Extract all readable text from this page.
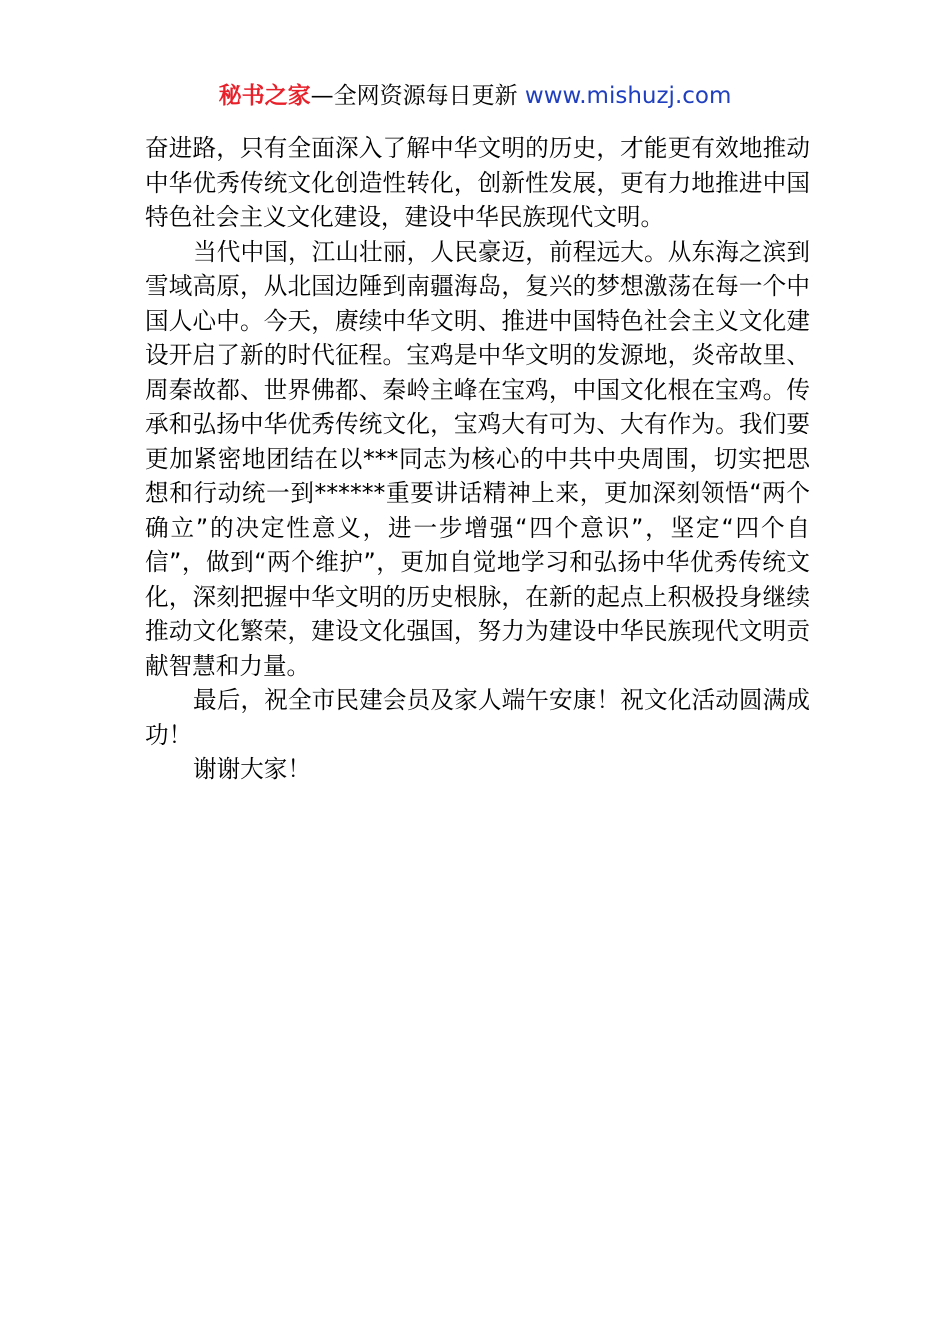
秘书之家—全网资源每日更新 www.mishuzj.com

奋进路，只有全面深入了解中华文明的历史，才能更有效地推动中华优秀传统文化创造性转化，创新性发展，更有力地推进中国特色社会主义文化建设，建设中华民族现代文明。

当代中国，江山壮丽，人民豪迈，前程远大。从东海之滨到雪域高原，从北国边陲到南疆海岛，复兴的梦想激荡在每一个中国人心中。今天，赓续中华文明、推进中国特色社会主义文化建设开启了新的时代征程。宝鸡是中华文明的发源地，炎帝故里、周秦故都、世界佛都、秦岭主峰在宝鸡，中国文化根在宝鸡。传承和弘扬中华优秀传统文化，宝鸡大有可为、大有作为。我们要更加紧密地团结在以***同志为核心的中共中央周围，切实把思想和行动统一到******重要讲话精神上来，更加深刻领悟“两个确立”的决定性意义，进一步增强“四个意识”，坚定“四个自信”，做到“两个维护”，更加自觉地学习和弘扬中华优秀传统文化，深刻把握中华文明的历史根脉，在新的起点上积极投身继续推动文化繁荣，建设文化强国，努力为建设中华民族现代文明贡献智慧和力量。

最后，祝全市民建会员及家人端午安康！祝文化活动圆满成功！

谢谢大家！
